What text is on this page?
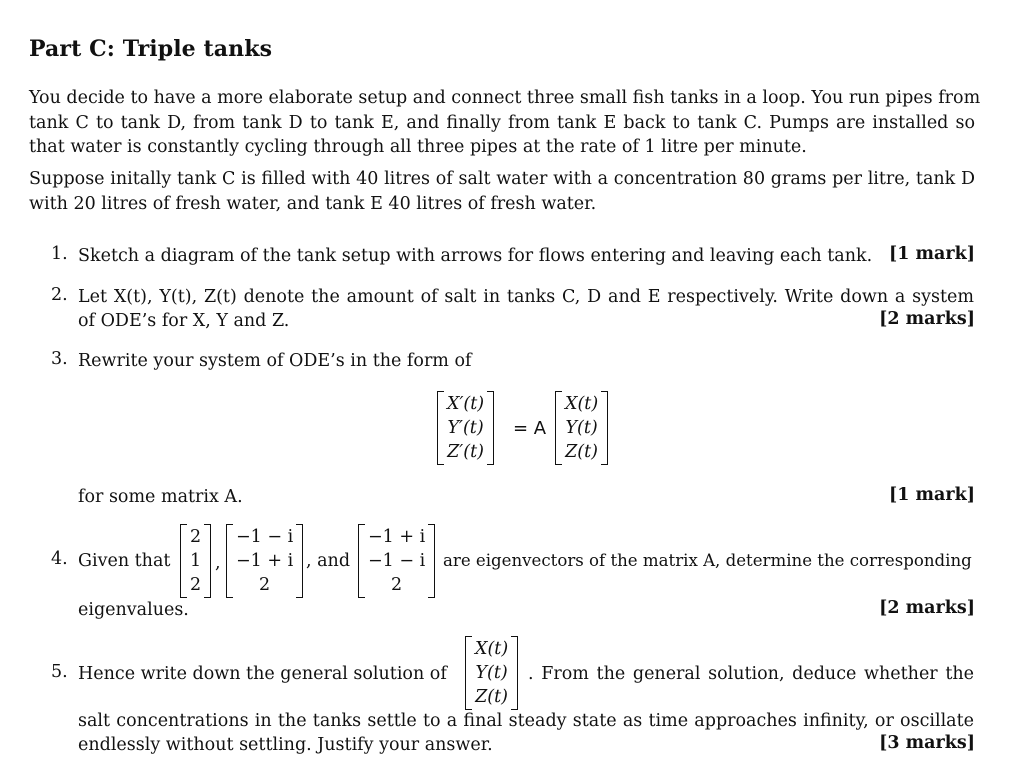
Part C: Triple tanks
You decide to have a more elaborate setup and connect three small fish tanks in a loop. You run pipes from
tank C to tank D, from tank D to tank E, and finally from tank E back to tank C. Pumps are installed so
that water is constantly cycling through all three pipes at the rate of 1 litre per minute.
Suppose initally tank C is filled with 40 litres of salt water with a concentration 80 grams per litre, tank D
with 20 litres of fresh water, and tank E 40 litres of fresh water.
1. Sketch a diagram of the tank setup with arrows for flows entering and leaving each tank. [1 mark]
2. Let X(t), Y(t), Z(t) denote the amount of salt in tanks C, D and E respectively. Write down a system
of ODE’s for X, Y and Z.	[2 marks]
3. Rewrite your system of ODE’s in the form of
X′(t)
Y′(t)
Z′(t)
= A
X(t)
Y(t)
Z(t)
for some matrix A.	[1 mark]
4. Given that
2
1
2
,
−1 − i
−1 + i
2
, and
−1 + i
−1 − i
2
are eigenvectors of the matrix A, determine the corresponding
eigenvalues.	[2 marks]
5. Hence write down the general solution of
X(t)
Y(t)
Z(t)
. From the general solution, deduce whether the
salt concentrations in the tanks settle to a final steady state as time approaches infinity, or oscillate
endlessly without settling. Justify your answer.	[3 marks]
